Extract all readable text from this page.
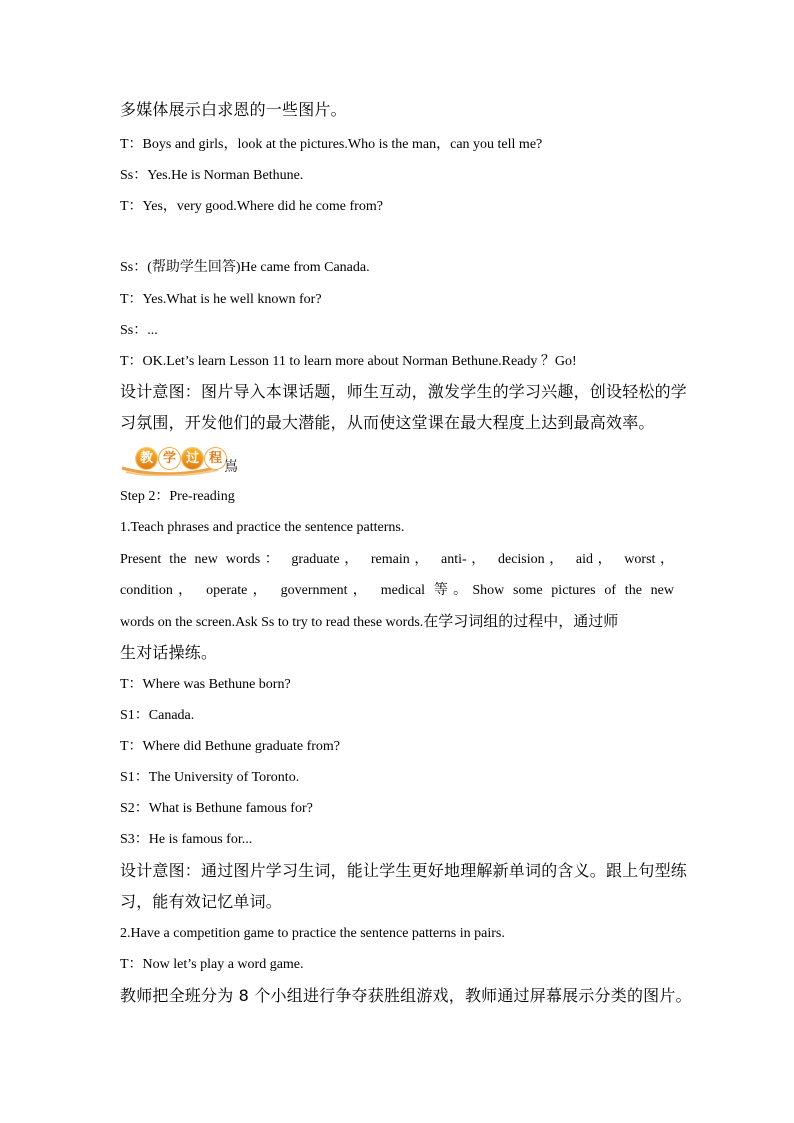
多媒体展示白求恩的一些图片。
T：Boys and girls，look at the pictures.Who is the man，can you tell me?
Ss：Yes.He is Norman Bethune.
T：Yes，very good.Where did he come from?
Ss：(帮助学生回答)He came from Canada.
T：Yes.What is he well known for?
Ss：...
T：OK.Let’s learn Lesson 11 to learn more about Norman Bethune.Ready ？Go!
设计意图：图片导入本课话题，师生互动，激发学生的学习兴趣，创设轻松的学
习氛围，开发他们的最大潜能，从而使这堂课在最大程度上达到最高效率。
教 学 过 程
嶌
Step 2：Pre-reading
1.Teach phrases and practice the sentence patterns.
Present the new words： graduate， remain， anti-， decision， aid， worst，
condition， operate， government， medical 等。Show some pictures of the new
words on the screen.Ask Ss to try to read these words.在学习词组的过程中，通过师
生对话操练。
T：Where was Bethune born?
S1：Canada.
T：Where did Bethune graduate from?
S1：The University of Toronto.
S2：What is Bethune famous for?
S3：He is famous for...
设计意图：通过图片学习生词，能让学生更好地理解新单词的含义。跟上句型练
习，能有效记忆单词。
2.Have a competition game to practice the sentence patterns in pairs.
T：Now let’s play a word game.
教师把全班分为 8 个小组进行争夺获胜组游戏，教师通过屏幕展示分类的图片。
